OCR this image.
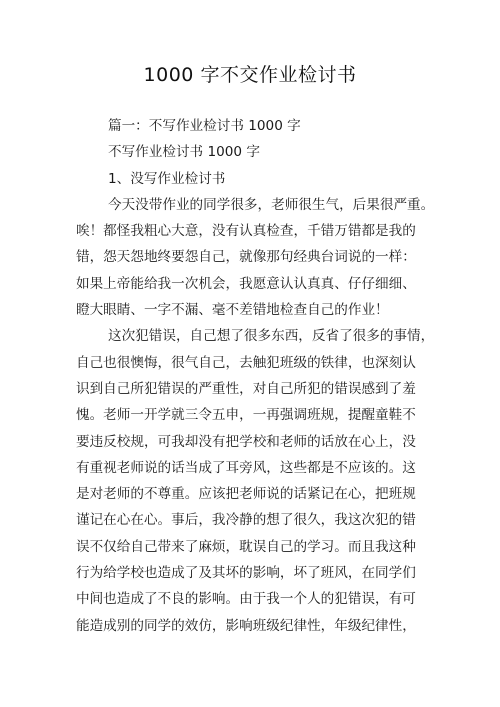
1000 字不交作业检讨书
篇一：不写作业检讨书 1000 字
不写作业检讨书 1000 字
1、没写作业检讨书
今天没带作业的同学很多，老师很生气，后果很严重。
唉！都怪我粗心大意，没有认真检查，千错万错都是我的
错，怨天怨地终要怨自己，就像那句经典台词说的一样：
如果上帝能给我一次机会，我愿意认认真真、仔仔细细、
瞪大眼睛、一字不漏、毫不差错地检查自己的作业！
这次犯错误，自己想了很多东西，反省了很多的事情，
自己也很懊悔，很气自己，去触犯班级的铁律，也深刻认
识到自己所犯错误的严重性，对自己所犯的错误感到了羞
愧。老师一开学就三令五申，一再强调班规，提醒童鞋不
要违反校规，可我却没有把学校和老师的话放在心上，没
有重视老师说的话当成了耳旁风，这些都是不应该的。这
是对老师的不尊重。应该把老师说的话紧记在心，把班规
谨记在心在心。事后，我冷静的想了很久，我这次犯的错
误不仅给自己带来了麻烦，耽误自己的学习。而且我这种
行为给学校也造成了及其坏的影响，坏了班风，在同学们
中间也造成了不良的影响。由于我一个人的犯错误，有可
能造成别的同学的效仿，影响班级纪律性，年级纪律性，
